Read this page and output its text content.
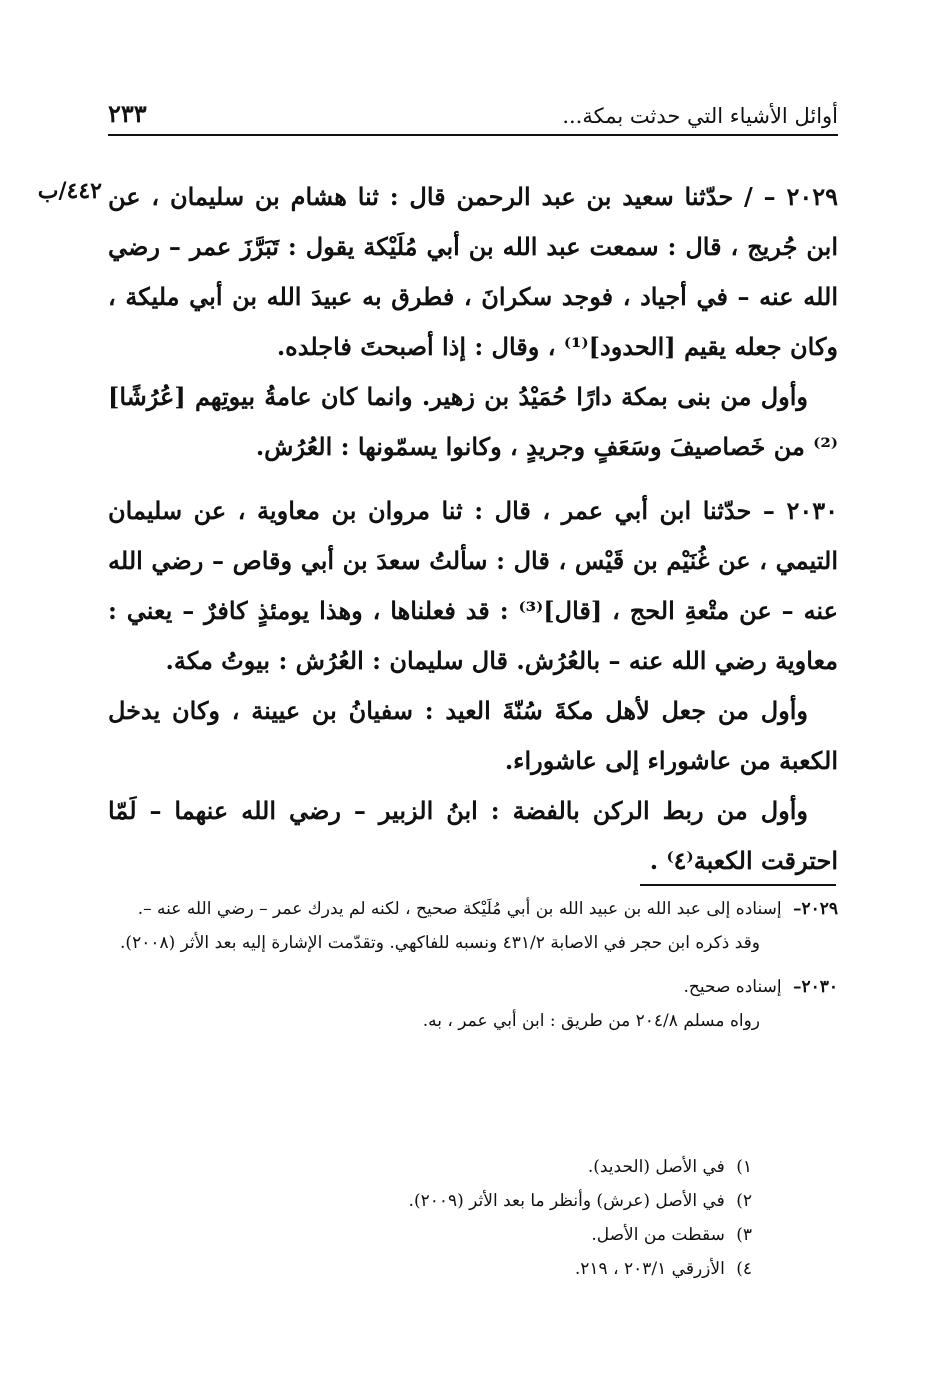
أوائل الأشياء التي حدثت بمكة...
٢٣٣
٤٤٢/ب ٢٠٢٩ – / حدّثنا سعيد بن عبد الرحمن قال : ثنا هشام بن سليمان ، عن ابن جُريج ، قال : سمعت عبد الله بن أبي مُلَيْكة يقول : تَبَرَّزَ عمر – رضي الله عنه – في أجياد ، فوجد سكرانَ ، فطرق به عبيدَ الله بن أبي مليكة ، وكان جعله يقيم [الحدود]⁽¹⁾ ، وقال : إذا أصبحتَ فاجلده.

وأول من بنى بمكة دارًا حُمَيْدُ بن زهير. وانما كان عامةُ بيوتِهم [عُرُشًا]⁽²⁾ من خَصاصيفَ وسَعَفٍ وجريدٍ ، وكانوا يسمّونها : العُرُش.

٢٠٣٠ – حدّثنا ابن أبي عمر ، قال : ثنا مروان بن معاوية ، عن سليمان التيمي ، عن غُنَيْم بن قَيْس ، قال : سألتُ سعدَ بن أبي وقاص – رضي الله عنه – عن متْعةِ الحج ، [قال]⁽³⁾ : قد فعلناها ، وهذا يومئذٍ كافرٌ – يعني : معاوية رضي الله عنه – بالعُرُش. قال سليمان : العُرُش : بيوتُ مكة.

وأول من جعل لأهل مكةَ سُنّةَ العيد : سفيانُ بن عيينة ، وكان يدخل الكعبة من عاشوراء إلى عاشوراء.

وأول من ربط الركن بالفضة : ابنُ الزبير – رضي الله عنهما – لَمّا احترقت الكعبة⁽٤⁾ .

٢٠٢٩– إسناده إلى عبد الله بن عبيد الله بن أبي مُلَيْكة صحيح ، لكنه لم يدرك عمر – رضي الله عنه –.

وقد ذكره ابن حجر في الاصابة ٤٣١/٢ ونسبه للفاكهي. وتقدّمت الإشارة إليه بعد الأثر (٢٠٠٨).

٢٠٣٠– إسناده صحيح.

رواه مسلم ٢٠٤/٨ من طريق : ابن أبي عمر ، به.

١) في الأصل (الحديد).

٢) في الأصل (عرش) وأنظر ما بعد الأثر (٢٠٠٩).

٣) سقطت من الأصل.

٤) الأزرقي ٢٠٣/١ ، ٢١٩.
